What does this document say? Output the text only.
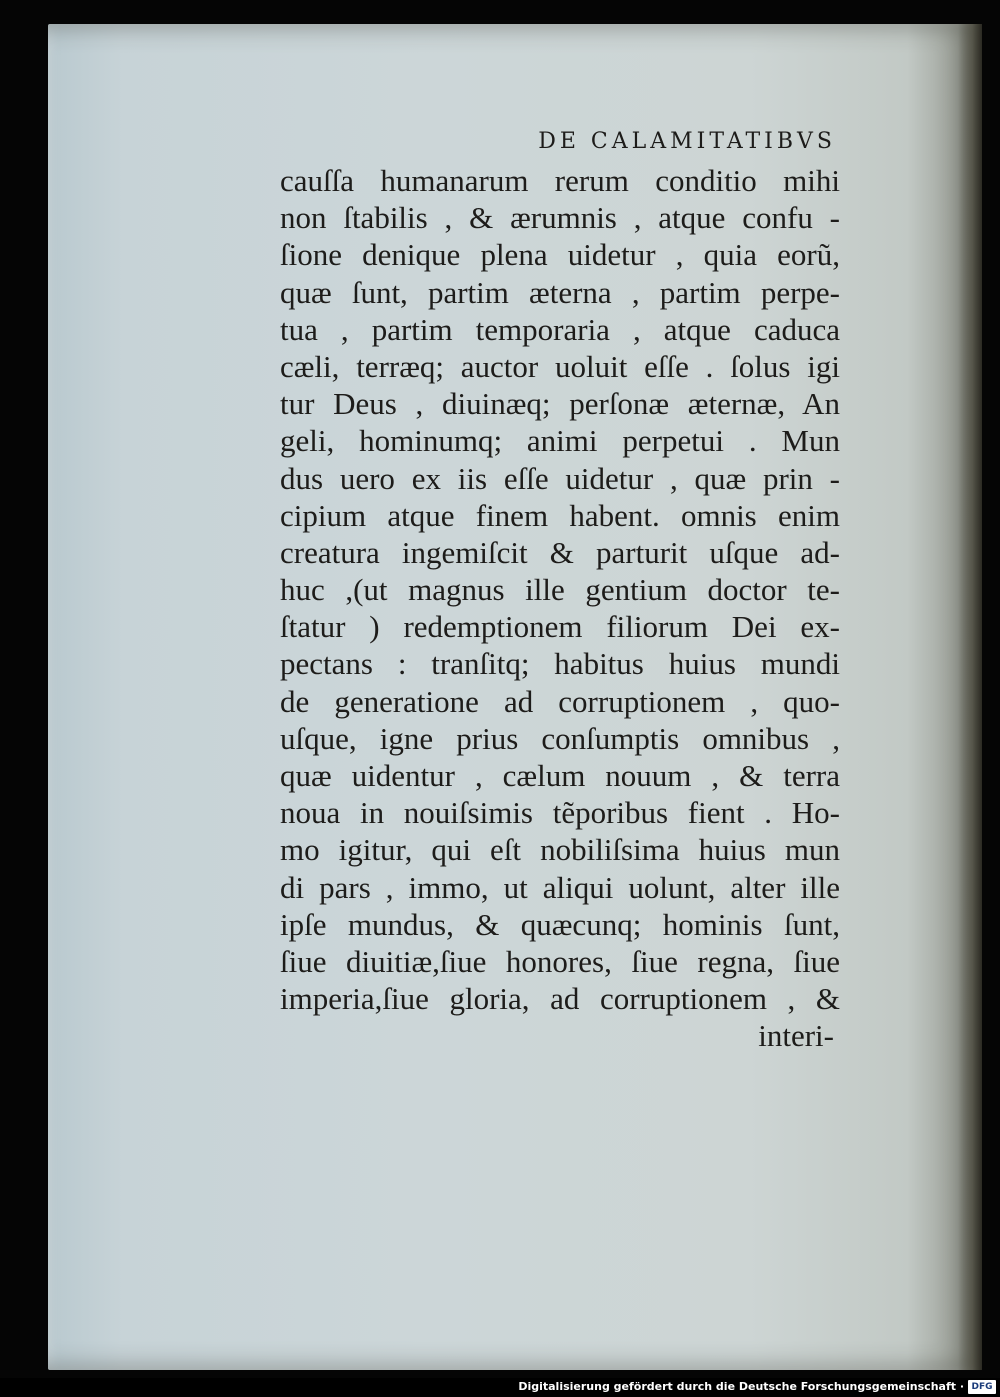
DE CALAMITATIBVS
cauſſa humanarum rerum conditio mihi
non ſtabilis , & ærumnis , atque confu -
ſione denique plena uidetur , quia eorũ,
quæ ſunt, partim æterna , partim perpe-
tua , partim temporaria , atque caduca
cæli, terræq; auctor uoluit eſſe . ſolus igi
tur Deus , diuinæq; perſonæ æternæ, An
geli, hominumq; animi perpetui . Mun
dus uero ex iis eſſe uidetur , quæ prin -
cipium atque finem habent. omnis enim
creatura ingemiſcit & parturit uſque ad-
huc ,(ut magnus ille gentium doctor te-
ſtatur ) redemptionem filiorum Dei ex-
pectans : tranſitq; habitus huius mundi
de generatione ad corruptionem , quo-
uſque, igne prius conſumptis omnibus ,
quæ uidentur , cælum nouum , & terra
noua in nouiſsimis tẽporibus fient . Ho-
mo igitur, qui eſt nobiliſsima huius mun
di pars , immo, ut aliqui uolunt, alter ille
ipſe mundus, & quæcunq; hominis ſunt,
ſiue diuitiæ,ſiue honores, ſiue regna, ſiue
imperia,ſiue gloria, ad corruptionem , &
interi-
Digitalisierung gefördert durch die Deutsche Forschungsgemeinschaft · DFG
